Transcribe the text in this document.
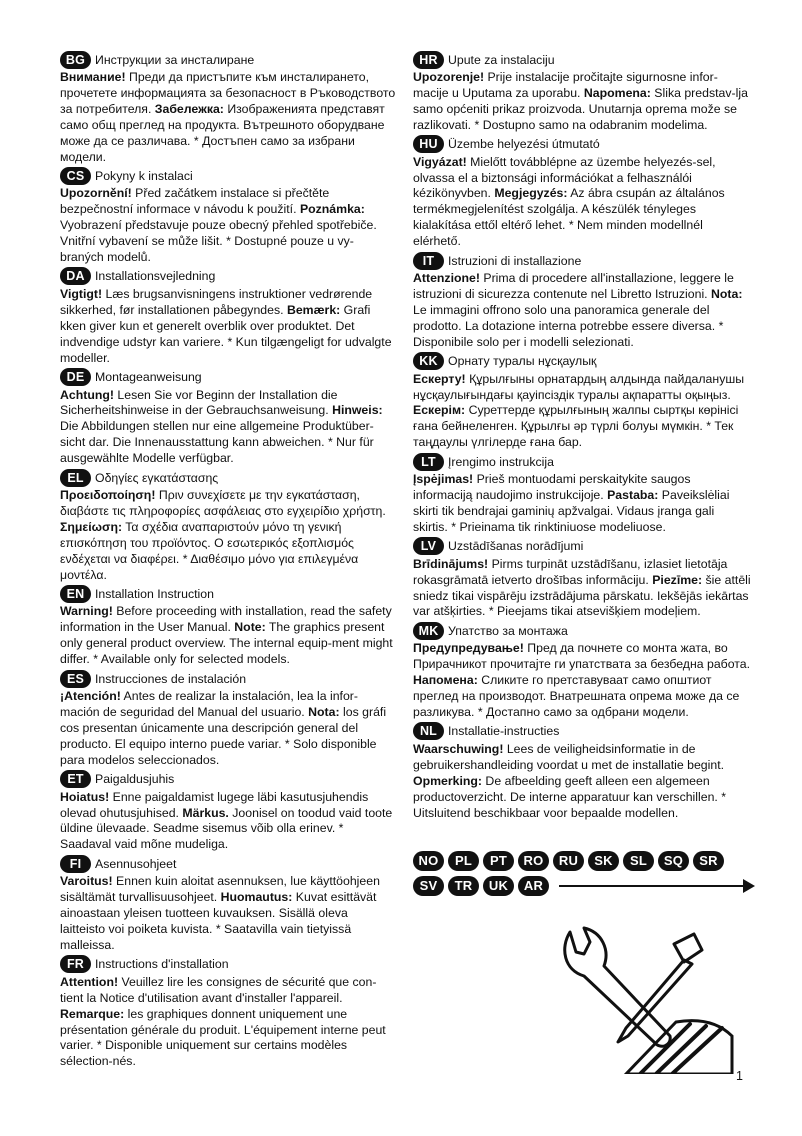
BG Инструкции за инсталиране
Внимание! Преди да пристъпите към инсталирането, прочетете информацията за безопасност в Ръководството за потребителя. Забележка: Изображенията представят само общ преглед на продукта. Вътрешното оборудване може да се различава. * Достъпен само за избрани модели.
CS Pokyny k instalaci
Upozornění! Před začátkem instalace si přečtěte bezpečnostní informace v návodu k použití. Poznámka: Vyobrazení představuje pouze obecný přehled spotřebiče. Vnitřní vybavení se může lišit. * Dostupné pouze u vy-braných modelů.
DA Installationsvejledning
Vigtigt! Læs brugsanvisningens instruktioner vedrørende sikkerhed, før installationen påbegyndes. Bemærk: Grafi kken giver kun et generelt overblik over produktet. Det indvendige udstyr kan variere. * Kun tilgængeligt for udvalgte modeller.
DE Montageanweisung
Achtung! Lesen Sie vor Beginn der Installation die Sicherheitshinweise in der Gebrauchsanweisung. Hinweis: Die Abbildungen stellen nur eine allgemeine Produktüber-sicht dar. Die Innenausstattung kann abweichen. * Nur für ausgewählte Modelle verfügbar.
EL Οδηγίες εγκατάστασης
Προειδοποίηση! Πριν συνεχίσετε με την εγκατάσταση, διαβάστε τις πληροφορίες ασφάλειας στο εγχειρίδιο χρήστη. Σημείωση: Τα σχέδια αναπαριστούν μόνο τη γενική επισκόπηση του προϊόντος. Ο εσωτερικός εξοπλισμός ενδέχεται να διαφέρει. * Διαθέσιμο μόνο για επιλεγμένα μοντέλα.
EN Installation Instruction
Warning! Before proceeding with installation, read the safety information in the User Manual. Note: The graphics present only general product overview. The internal equip-ment might differ. * Available only for selected models.
ES Instrucciones de instalación
¡Atención! Antes de realizar la instalación, lea la infor-mación de seguridad del Manual del usuario. Nota: los gráfi cos presentan únicamente una descripción general del producto. El equipo interno puede variar. * Solo disponible para modelos seleccionados.
ET Paigaldusjuhis
Hoiatus! Enne paigaldamist lugege läbi kasutusjuhendis olevad ohutusjuhised. Märkus. Joonisel on toodud vaid toote üldine ülevaade. Seadme sisemus võib olla erinev. * Saadaval vaid mõne mudeliga.
FI	Asennusohjeet
Varoitus! Ennen kuin aloitat asennuksen, lue käyttöohjeen sisältämät turvallisuusohjeet. Huomautus: Kuvat esittävät ainoastaan yleisen tuotteen kuvauksen. Sisällä oleva laitteisto voi poiketa kuvista. * Saatavilla vain tietyissä malleissa.
FR Instructions d'installation
Attention! Veuillez lire les consignes de sécurité que con-tient la Notice d'utilisation avant d'installer l'appareil. Remarque: les graphiques donnent uniquement une présentation générale du produit. L'équipement interne peut varier. * Disponible uniquement sur certains modèles sélection-nés.
HR Upute za instalaciju
Upozorenje! Prije instalacije pročitajte sigurnosne infor-macije u Uputama za uporabu. Napomena: Slika predstav-lja samo općeniti prikaz proizvoda. Unutarnja oprema može se razlikovati. * Dostupno samo na odabranim modelima.
HU Üzembe helyezési útmutató
Vigyázat! Mielőtt továbblépne az üzembe helyezés-sel, olvassa el a biztonsági információkat a felhasználói kézikönyvben. Megjegyzés: Az ábra csupán az általános termékmegjelenítést szolgálja. A készülék tényleges kialakítása ettől eltérő lehet. * Nem minden modellnél elérhető.
IT	Istruzioni di installazione
Attenzione! Prima di procedere all'installazione, leggere le istruzioni di sicurezza contenute nel Libretto Istruzioni. Nota: Le immagini offrono solo una panoramica generale del prodotto. La dotazione interna potrebbe essere diversa. * Disponibile solo per i modelli selezionati.
KK Орнату туралы нұсқаулық
Ескерту! Құрылғыны орнатардың алдында пайдаланушы нұсқаулығындағы қауіпсіздік туралы ақпаратты оқыңыз. Ескерім: Суреттерде құрылғының жалпы сыртқы көрінісі ғана бейнеленген. Құрылғы әр түрлі болуы мүмкін. * Тек таңдаулы үлгілерде ғана бар.
LT Įrengimo instrukcija
Įspėjimas! Prieš montuodami perskaitykite saugos informaciją naudojimo instrukcijoje. Pastaba: Paveikslėliai skirti tik bendrajai gaminių apžvalgai. Vidaus įranga gali skirtis. * Prieinama tik rinktiniuose modeliuose.
LV Uzstādīšanas norādījumi
Brīdinājums! Pirms turpināt uzstādīšanu, izlasiet lietotāja rokasgrāmatā ietverto drošības informāciju. Piezīme: šie attēli sniedz tikai vispārēju izstrādājuma pārskatu. Iekšējās iekārtas var atšķirties. * Pieejams tikai atsevišķiem modeļiem.
MK Упатство за монтажа
Предупредување! Пред да почнете со монта жата, во Прирачникот прочитајте ги упатствата за безбедна работа. Напомена: Сликите го претставуваат само општиот преглед на производот. Внатрешната опрема може да се разликува. * Достапно само за одбрани модели.
NL Installatie-instructies
Waarschuwing! Lees de veiligheidsinformatie in de gebruikershandleiding voordat u met de installatie begint. Opmerking: De afbeelding geeft alleen een algemeen productoverzicht. De interne apparatuur kan verschillen. * Uitsluitend beschikbaar voor bepaalde modellen.
NO	PL	PT	RO	RU	SK	SL	SQ	SR
SV	TR	UK	AR
1
